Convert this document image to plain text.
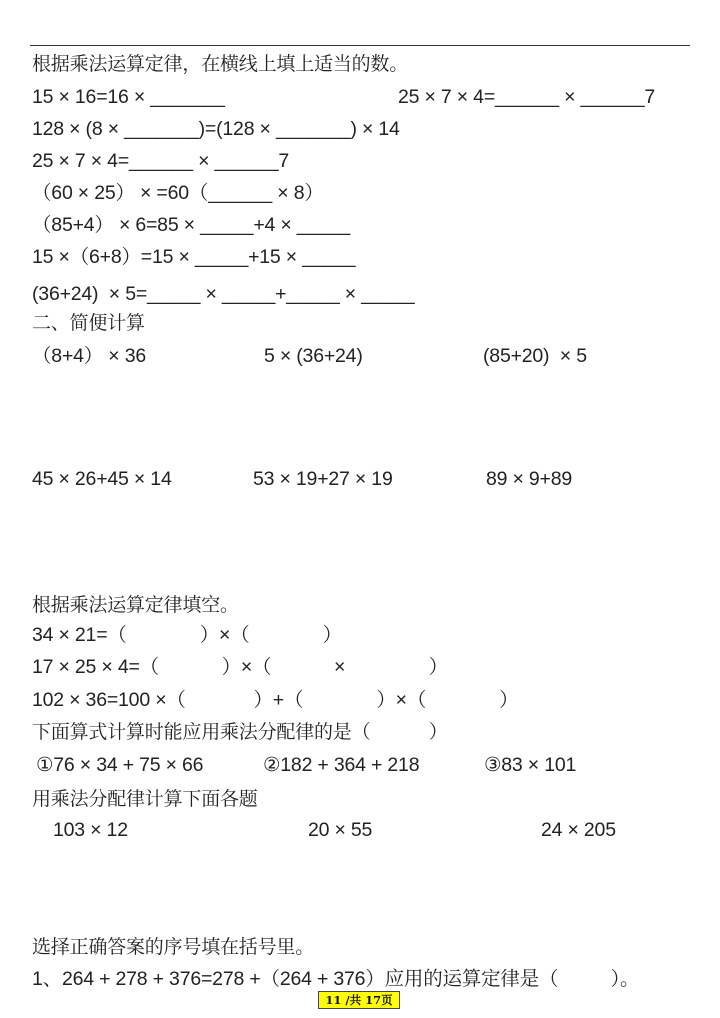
根据乘法运算定律，在横线上填上适当的数。
15 × 16=16 × _______	25 × 7 × 4=______ × ______7
128 × (8 × _______)=(128 × _______) × 14
25 × 7 × 4=______ × ______7
（60 × 25） × =60（______ × 8）
（85+4） × 6=85 × _____+4 × _____
15 ×（6+8）=15 × _____+15 × _____
(36+24)  × 5=_____ × _____+_____ × _____
二、简便计算
（8+4） × 36	5 × (36+24)	(85+20)  × 5
45 × 26+45 × 14	53 × 19+27 × 19	89 × 9+89
根据乘法运算定律填空。
34 × 21=（              ）×（              ）
17 × 25 × 4=（            ）×（            ×                ）
102 × 36=100 ×（             ）+（              ）×（              ）
下面算式计算时能应用乘法分配律的是（          ）
①76 × 34 + 75 × 66	②182 + 364 + 218	③83 × 101
用乘法分配律计算下面各题
103 × 12	20 × 55	24 × 205
选择正确答案的序号填在括号里。
1、264 + 278 + 376=278 +（264 + 376）应用的运算定律是（          ）。
11 /共 17页
